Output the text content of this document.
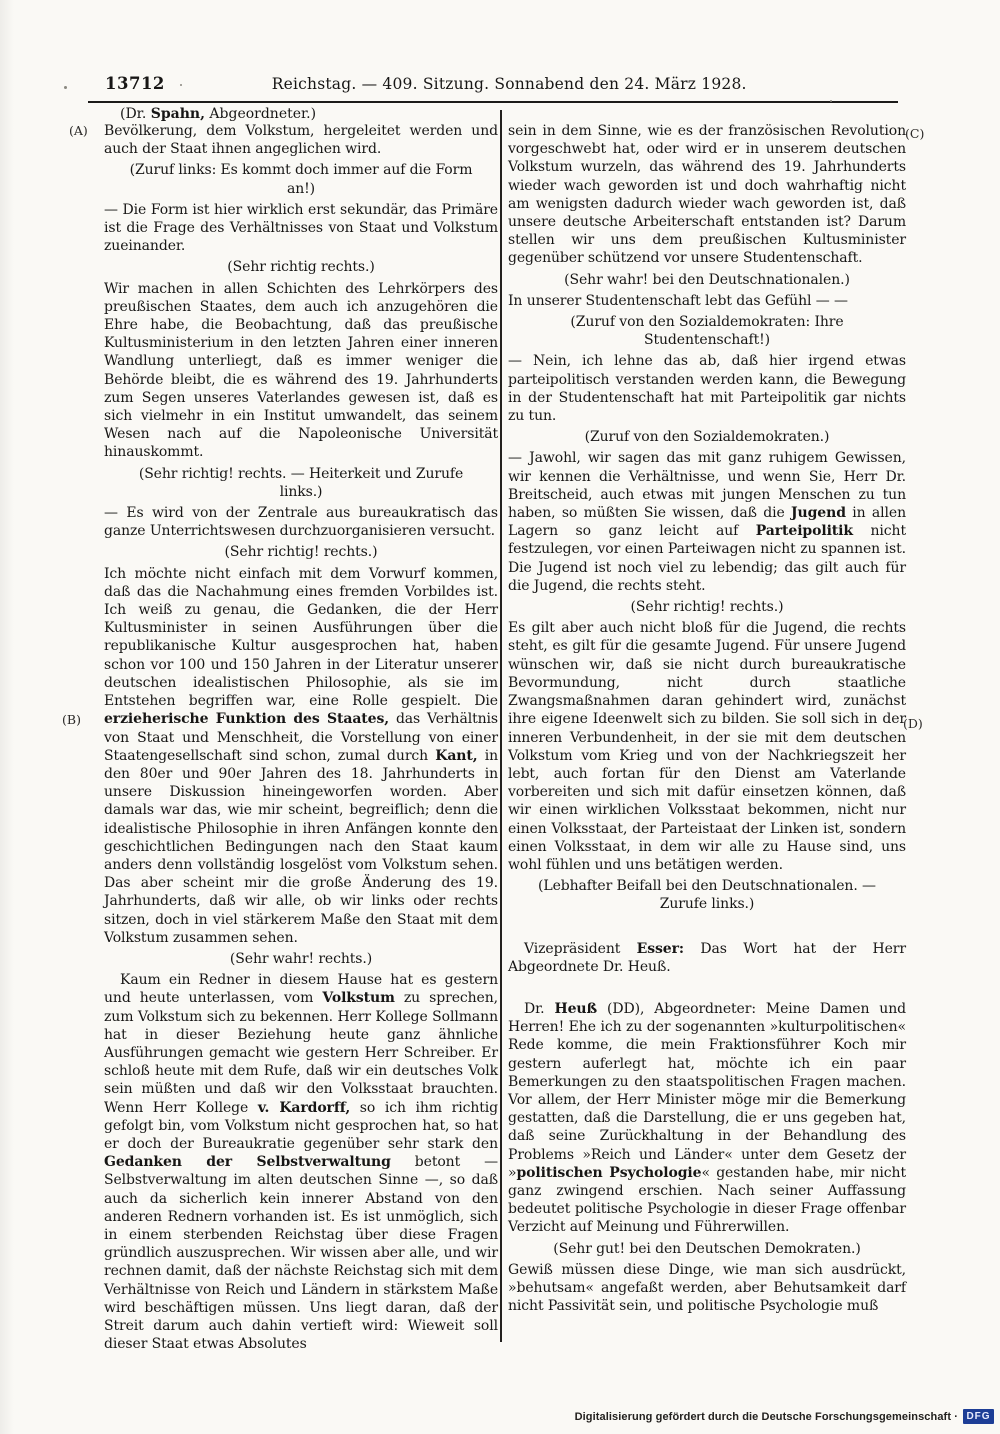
13712	Reichstag. — 409. Sitzung. Sonnabend den 24. März 1928.
(Dr. Spahn, Abgeordneter.)
(A)
(B)
(C)
(D)
Bevölkerung, dem Volkstum, hergeleitet werden und auch der Staat ihnen angeglichen wird.
(Zuruf links: Es kommt doch immer auf die Form an!)
— Die Form ist hier wirklich erst sekundär, das Primäre ist die Frage des Verhältnisses von Staat und Volkstum zueinander.
(Sehr richtig rechts.)
Wir machen in allen Schichten des Lehrkörpers des preußischen Staates, dem auch ich anzugehören die Ehre habe, die Beobachtung, daß das preußische Kultusministerium in den letzten Jahren einer inneren Wandlung unterliegt, daß es immer weniger die Behörde bleibt, die es während des 19. Jahrhunderts zum Segen unseres Vaterlandes gewesen ist, daß es sich vielmehr in ein Institut umwandelt, das seinem Wesen nach auf die Napoleonische Universität hinauskommt.
(Sehr richtig! rechts. — Heiterkeit und Zurufe links.)
— Es wird von der Zentrale aus bureaukratisch das ganze Unterrichtswesen durchzuorganisieren versucht.
(Sehr richtig! rechts.)
Ich möchte nicht einfach mit dem Vorwurf kommen, daß das die Nachahmung eines fremden Vorbildes ist. Ich weiß zu genau, die Gedanken, die der Herr Kultusminister in seinen Ausführungen über die republikanische Kultur ausgesprochen hat, haben schon vor 100 und 150 Jahren in der Literatur unserer deutschen idealistischen Philosophie, als sie im Entstehen begriffen war, eine Rolle gespielt. Die erzieherische Funktion des Staates, das Verhältnis von Staat und Menschheit, die Vorstellung von einer Staatengesellschaft sind schon, zumal durch Kant, in den 80er und 90er Jahren des 18. Jahrhunderts in unsere Diskussion hineingeworfen worden. Aber damals war das, wie mir scheint, begreiflich; denn die idealistische Philosophie in ihren Anfängen konnte den geschichtlichen Bedingungen nach den Staat kaum anders denn vollständig losgelöst vom Volkstum sehen. Das aber scheint mir die große Änderung des 19. Jahrhunderts, daß wir alle, ob wir links oder rechts sitzen, doch in viel stärkerem Maße den Staat mit dem Volkstum zusammen sehen.
(Sehr wahr! rechts.)
Kaum ein Redner in diesem Hause hat es gestern und heute unterlassen, vom Volkstum zu sprechen, zum Volkstum sich zu bekennen. Herr Kollege Sollmann hat in dieser Beziehung heute ganz ähnliche Ausführungen gemacht wie gestern Herr Schreiber. Er schloß heute mit dem Rufe, daß wir ein deutsches Volk sein müßten und daß wir den Volksstaat brauchten. Wenn Herr Kollege v. Kardorff, so ich ihm richtig gefolgt bin, vom Volkstum nicht gesprochen hat, so hat er doch der Bureaukratie gegenüber sehr stark den Gedanken der Selbstverwaltung betont — Selbstverwaltung im alten deutschen Sinne —, so daß auch da sicherlich kein innerer Abstand von den anderen Rednern vorhanden ist. Es ist unmöglich, sich in einem sterbenden Reichstag über diese Fragen gründlich auszusprechen. Wir wissen aber alle, und wir rechnen damit, daß der nächste Reichstag sich mit dem Verhältnisse von Reich und Ländern in stärkstem Maße wird beschäftigen müssen. Uns liegt daran, daß der Streit darum auch dahin vertieft wird: Wieweit soll dieser Staat etwas Absolutes
sein in dem Sinne, wie es der französischen Revolution vorgeschwebt hat, oder wird er in unserem deutschen Volkstum wurzeln, das während des 19. Jahrhunderts wieder wach geworden ist und doch wahrhaftig nicht am wenigsten dadurch wieder wach geworden ist, daß unsere deutsche Arbeiterschaft entstanden ist? Darum stellen wir uns dem preußischen Kultusminister gegenüber schützend vor unsere Studentenschaft.
(Sehr wahr! bei den Deutschnationalen.)
In unserer Studentenschaft lebt das Gefühl — —
(Zuruf von den Sozialdemokraten: Ihre Studentenschaft!)
— Nein, ich lehne das ab, daß hier irgend etwas parteipolitisch verstanden werden kann, die Bewegung in der Studentenschaft hat mit Parteipolitik gar nichts zu tun.
(Zuruf von den Sozialdemokraten.)
— Jawohl, wir sagen das mit ganz ruhigem Gewissen, wir kennen die Verhältnisse, und wenn Sie, Herr Dr. Breitscheid, auch etwas mit jungen Menschen zu tun haben, so müßten Sie wissen, daß die Jugend in allen Lagern so ganz leicht auf Parteipolitik nicht festzulegen, vor einen Parteiwagen nicht zu spannen ist. Die Jugend ist noch viel zu lebendig; das gilt auch für die Jugend, die rechts steht.
(Sehr richtig! rechts.)
Es gilt aber auch nicht bloß für die Jugend, die rechts steht, es gilt für die gesamte Jugend. Für unsere Jugend wünschen wir, daß sie nicht durch bureaukratische Bevormundung, nicht durch staatliche Zwangsmaßnahmen daran gehindert wird, zunächst ihre eigene Ideenwelt sich zu bilden. Sie soll sich in der inneren Verbundenheit, in der sie mit dem deutschen Volkstum vom Krieg und von der Nachkriegszeit her lebt, auch fortan für den Dienst am Vaterlande vorbereiten und sich mit dafür einsetzen können, daß wir einen wirklichen Volksstaat bekommen, nicht nur einen Volksstaat, der Parteistaat der Linken ist, sondern einen Volksstaat, in dem wir alle zu Hause sind, uns wohl fühlen und uns betätigen werden.
(Lebhafter Beifall bei den Deutschnationalen. — Zurufe links.)
Vizepräsident Esser: Das Wort hat der Herr Abgeordnete Dr. Heuß.
Dr. Heuß (DD), Abgeordneter: Meine Damen und Herren! Ehe ich zu der sogenannten »kulturpolitischen« Rede komme, die mein Fraktionsführer Koch mir gestern auferlegt hat, möchte ich ein paar Bemerkungen zu den staatspolitischen Fragen machen. Vor allem, der Herr Minister möge mir die Bemerkung gestatten, daß die Darstellung, die er uns gegeben hat, daß seine Zurückhaltung in der Behandlung des Problems »Reich und Länder« unter dem Gesetz der »politischen Psychologie« gestanden habe, mir nicht ganz zwingend erschien. Nach seiner Auffassung bedeutet politische Psychologie in dieser Frage offenbar Verzicht auf Meinung und Führerwillen.
(Sehr gut! bei den Deutschen Demokraten.)
Gewiß müssen diese Dinge, wie man sich ausdrückt, »behutsam« angefaßt werden, aber Behutsamkeit darf nicht Passivität sein, und politische Psychologie muß
Digitalisierung gefördert durch die Deutsche Forschungsgemeinschaft · DFG
